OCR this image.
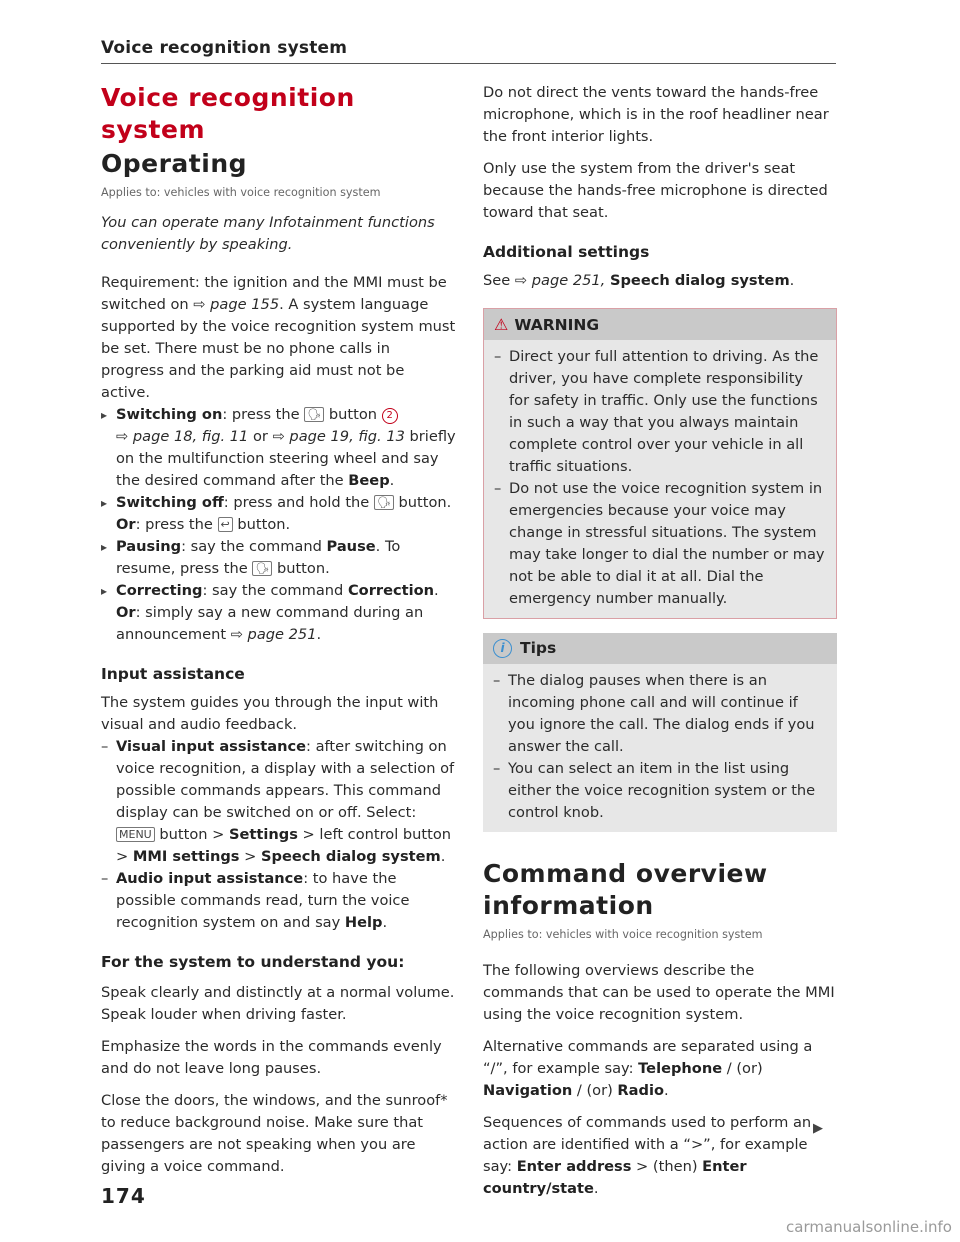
Voice recognition system
Voice recognition system
Operating
Applies to: vehicles with voice recognition system

You can operate many Infotainment functions conveniently by speaking.

Requirement: the ignition and the MMI must be switched on ⇨ page 155. A system language supported by the voice recognition system must be set. There must be no phone calls in progress and the parking aid must not be active.

▸ Switching on: press the 🗣 button 2
⇨ page 18, fig. 11 or ⇨ page 19, fig. 13 briefly on the multifunction steering wheel and say the desired command after the Beep.
▸ Switching off: press and hold the 🗣 button.
Or: press the ↩ button.
▸ Pausing: say the command Pause. To resume, press the 🗣 button.
▸ Correcting: say the command Correction. Or: simply say a new command during an announcement ⇨ page 251.
Input assistance

The system guides you through the input with visual and audio feedback.

– Visual input assistance: after switching on voice recognition, a display with a selection of possible commands appears. This command display can be switched on or off. Select: MENU button > Settings > left control button > MMI settings > Speech dialog system.
– Audio input assistance: to have the possible commands read, turn the voice recognition system on and say Help.
For the system to understand you:

Speak clearly and distinctly at a normal volume. Speak louder when driving faster.

Emphasize the words in the commands evenly and do not leave long pauses.

Close the doors, the windows, and the sunroof* to reduce background noise. Make sure that passengers are not speaking when you are giving a voice command.

Do not direct the vents toward the hands-free microphone, which is in the roof headliner near the front interior lights.

Only use the system from the driver's seat because the hands-free microphone is directed toward that seat.

Additional settings

See ⇨ page 251, Speech dialog system.

⚠ WARNING
– Direct your full attention to driving. As the driver, you have complete responsibility for safety in traffic. Only use the functions in such a way that you always maintain complete control over your vehicle in all traffic situations.
– Do not use the voice recognition system in emergencies because your voice may change in stressful situations. The system may take longer to dial the number or may not be able to dial it at all. Dial the emergency number manually.
i Tips
– The dialog pauses when there is an incoming phone call and will continue if you ignore the call. The dialog ends if you answer the call.
– You can select an item in the list using either the voice recognition system or the control knob.
Command overview information
Applies to: vehicles with voice recognition system

The following overviews describe the commands that can be used to operate the MMI using the voice recognition system.

Alternative commands are separated using a “/”, for example say: Telephone / (or) Navigation / (or) Radio.

Sequences of commands used to perform an action are identified with a “>”, for example say: Enter address > (then) Enter country/state.

▶
174
carmanualsonline.info
